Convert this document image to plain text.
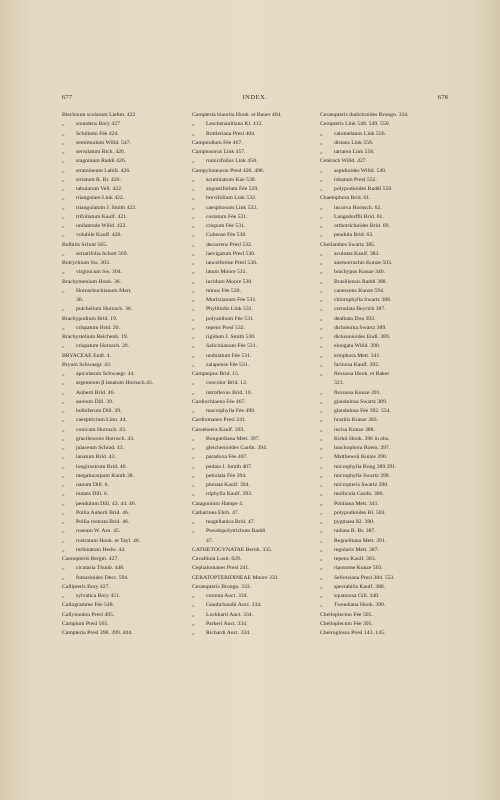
677	INDEX.	678
Blechnum scolarum Liebm. 422
„ soundens Bory 427
„ Schiliemi Fée 424.
„ semimudum Willd. 547.
„ serrulatum Rich. 426.
„ stagninum Raddi 426.
„ stramineum Labill. 426.
„ striatum R. Br. 426.
„ tabularum Vell. 422.
„ triangulare Link 422.
„ triangulatum J. Smith 422.
„ trifoliatum Kaulf. 421.
„ unilaterale Willd. 422.
„ volubile Kaulf. 426.
Bolbitis Schott 565.
„ serratifolia Schott 569.
Botrychium Sw. 303.
„ virginicum Sw. 304.
Brachymenium Hook. 36.
„ Hornschuchianum Mart.
36.
„ pulchellum Hornsch. 36.
Brachypodium Brid. 19.
„ crispatum Brid. 20.
Brachystelium Reichenb. 19.
„ crispatum Hornsch. 20.
BRYACEAE Endl. 4.
Bryum Schwaegr. 43.
„ apiculatum Schwaegr. 44.
„ argenteum β lanatum Hornsch.43.
„ Auberti Brid. 46.
„ aureum Dill. 39.
„ bulbiferum Dill. 39.
„ caespiticium Linn. 44.
„ conicum Hornsch. 43.
„ gracilescens Hornsch. 43.
„ julaceum Schrad. 43.
„ lanatum Brid. 43.
„ longirostrum Brid. 46.
„ megalocarpum Kunth 38.
„ nanum Dill. 6.
„ nutans Dill. 6.
„ pendulum Dill. 43. 44. 46.
„ Pollia Auberti Brid. 46.
„ Pollia rostrata Brid. 46.
„ roseum W. Arn. 45.
„ rostratum Hook. et Tayl. 46.
„ turbinatum Hedw. 44.
Caenopteris Bergm. 427.
„ cicutaria Thunb. 448.
„ fumarioides Desv. 594.
Callipteris Bory 427.
„ sylvatica Bory 451.
Callogramme Fée 548.
Callymodon Presl 495.
Campium Presl 565.
Campteria Presl 398. 399. 404.
Campteria biaurita Hook. et Bauer 404.
„ Leschenaultiana Kl. 412.
„ Rottleriana Presl 404.
Camptodium Fée 467.
Camptosorus Link 457.
„ rumicifolius Link 458.
Campyloneuron Presl 426. 498.
„ acuminatum Kze 530.
„ angustifolium Fée 529.
„ brevifolium Link 532.
„ caespitosum Link 532.
„ costatum Fée 531.
„ crispum Fée 531.
„ Cubense Fée 530.
„ decurrens Presl 532.
„ laevigatum Presl 530.
„ lanceiforme Presl 530.
„ latum Moore 531.
„ lucidum Moore 530.
„ minus Fée 530.
„ Moritzianum Fée 531.
„ Phyllitidis Link 531.
„ polyanthum Fée 531.
„ repens Presl 532.
„ rigidum J. Smith 530.
„ Salicinianum Fée 531.
„ undulatum Fée 531.
„ zalapense Fée 531.
Camptopus Brid. 15.
„ concolor Brid. 12.
„ introflexus Brid. 16.
Cardiochlaena Fée 467.
„ macrophylla Fée 490.
Cardiomanes Presl 241.
Cassebeera Kaulf. 393.
„ Bongardiana Mett. 397.
„ gleichenioides Gardn. 394.
„ paradoxa Fée 407.
„ pedata J. Smith 407.
„ petiolata Fée 394.
„ pinnata Kaulf. 394.
„ triphylla Kaulf. 393.
Catagonium Hampe 4.
Catharinea Ehrh. 47.
„ magellanica Brid. 47.
„ Pseudopolytrichum Raddi
47.
CATHETOGYNATAE Bernh. 335.
Cavallinia Lusit. 629.
Cephalomanes Presl 241.
CERATOPTERIDINEAE Moore 333.
Ceratopteris Brongn. 333.
„ cornuta Auct. 334.
„ Gaudichaudii Auct. 334.
„ Lockharti Auct. 334.
„ Parkeri Auct. 334.
„ Richardi Auct. 334.
Ceratopteris thalictroides Brongn. 334.
Ceropteris Link 548. 549. 550.
„ calomelanos Link 556.
„ distans Link 556.
„ tartarea Link 556.
Cetérach Willd. 427.
„ aspidioides Willd. 549.
„ lobatum Presl 552.
„ polypodioides Raddi 550.
Chaetophora Brid. 61.
„ incurva Hornsch. 62.
„ Langsdorffii Brid. 61.
„ orthotrichoides Brid. 69.
„ pendula Brid. 63.
Cheilanthes Swartz 385.
„ aculeata Kaulf. 383.
„ anemorrachis Kunze 503.
„ brachypus Kunze 340.
„ Brasiliensis Raddi 388.
„ canescens Kunze 594.
„ chlorophylla Swartz 388.
„ crenulata Beyrich 387.
„ dealbata Don 392.
„ dichotoma Swartz 389.
„ dicksonioides Endl. 389.
„ elongata Willd. 390.
„ eriophora Mett. 341.
„ farinosa Kaulf. 392.
„ flexuosa Hook. et Baker
321.
„ flexuosa Kunze 391.
„ glandulosa Swartz 389.
„ glandulosa Fée 392. 554.
„ hostilis Kunze 383.
„ incisa Kunze 388.
„ Kirkii Hook. 396 in obs.
„ lonchophora Roem. 397.
„ Matthewsii Kunze 390.
„ microphylla Bong 389.391.
„ microphylla Swartz 390.
„ micropteris Swartz 390.
„ mollicula Gardn. 386.
„ Pohliana Mett. 341.
„ polypodioides Bl. 503.
„ pygmaea Kl. 390.
„ radiata R. Br. 387.
„ Regnelliana Mett. 391.
„ regularis Mett. 387.
„ repens Kaulf. 383.
„ riposome Kunze 503.
„ Sellowiana Presl 384. 553.
„ spectabilis Kaulf. 388.
„ squamosa Gill. 340.
„ Tweediana Hook. 390.
Cheiloplecton Fée 505.
Cheiloplecton Fée 395.
Cheiroglossa Presl 143. 145.
